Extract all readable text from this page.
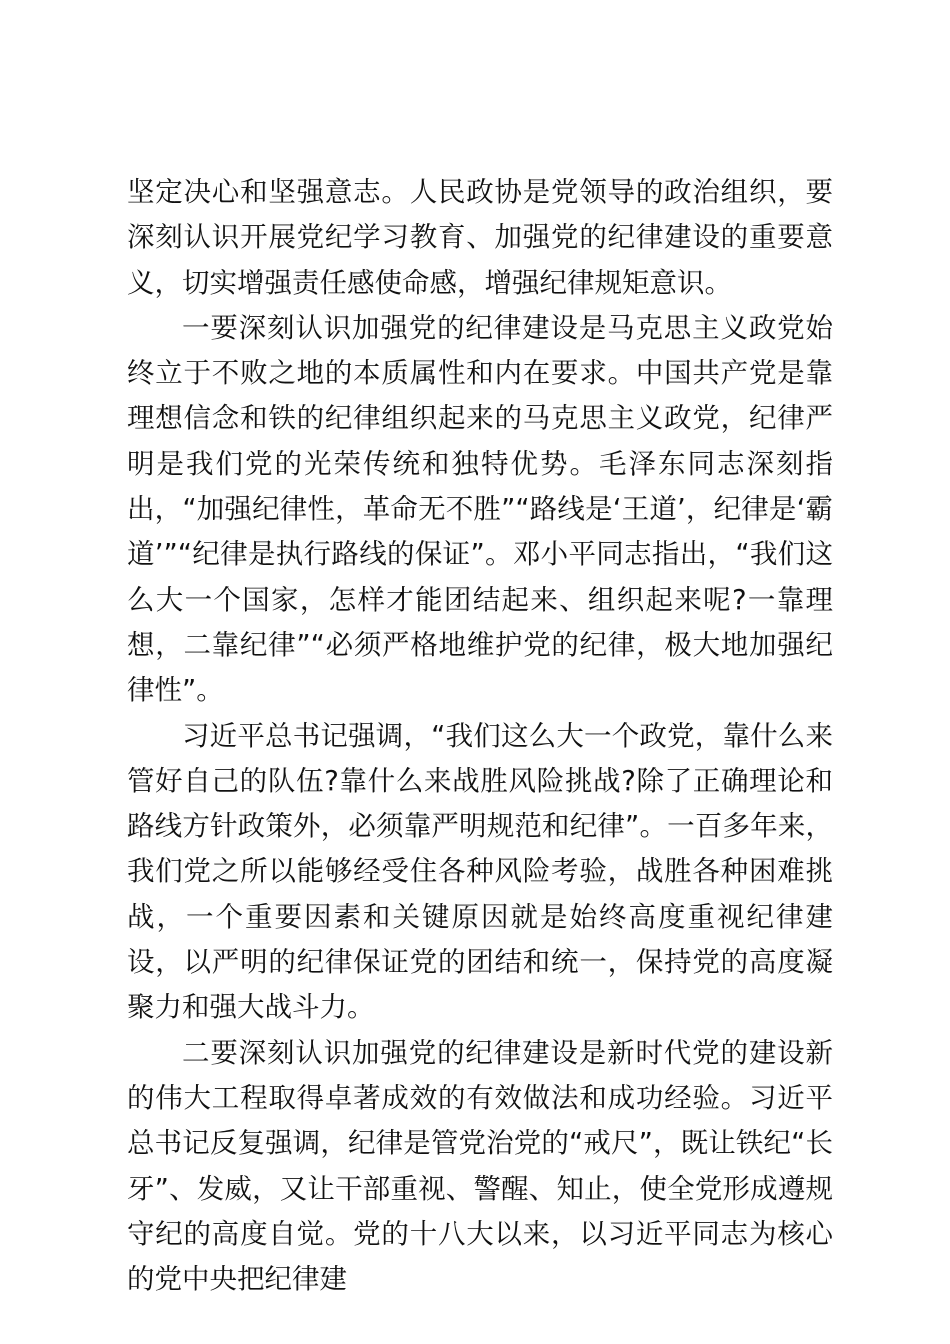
坚定决心和坚强意志。人民政协是党领导的政治组织，要深刻认识开展党纪学习教育、加强党的纪律建设的重要意义，切实增强责任感使命感，增强纪律规矩意识。

一要深刻认识加强党的纪律建设是马克思主义政党始终立于不败之地的本质属性和内在要求。中国共产党是靠理想信念和铁的纪律组织起来的马克思主义政党，纪律严明是我们党的光荣传统和独特优势。毛泽东同志深刻指出，“加强纪律性，革命无不胜”“路线是‘王道’，纪律是‘霸道’”“纪律是执行路线的保证”。邓小平同志指出，“我们这么大一个国家，怎样才能团结起来、组织起来呢?一靠理想，二靠纪律”“必须严格地维护党的纪律，极大地加强纪律性”。

习近平总书记强调，“我们这么大一个政党，靠什么来管好自己的队伍?靠什么来战胜风险挑战?除了正确理论和路线方针政策外，必须靠严明规范和纪律”。一百多年来，我们党之所以能够经受住各种风险考验，战胜各种困难挑战，一个重要因素和关键原因就是始终高度重视纪律建设，以严明的纪律保证党的团结和统一，保持党的高度凝聚力和强大战斗力。

二要深刻认识加强党的纪律建设是新时代党的建设新的伟大工程取得卓著成效的有效做法和成功经验。习近平总书记反复强调，纪律是管党治党的“戒尺”，既让铁纪“长牙”、发威，又让干部重视、警醒、知止，使全党形成遵规守纪的高度自觉。党的十八大以来，以习近平同志为核心的党中央把纪律建
